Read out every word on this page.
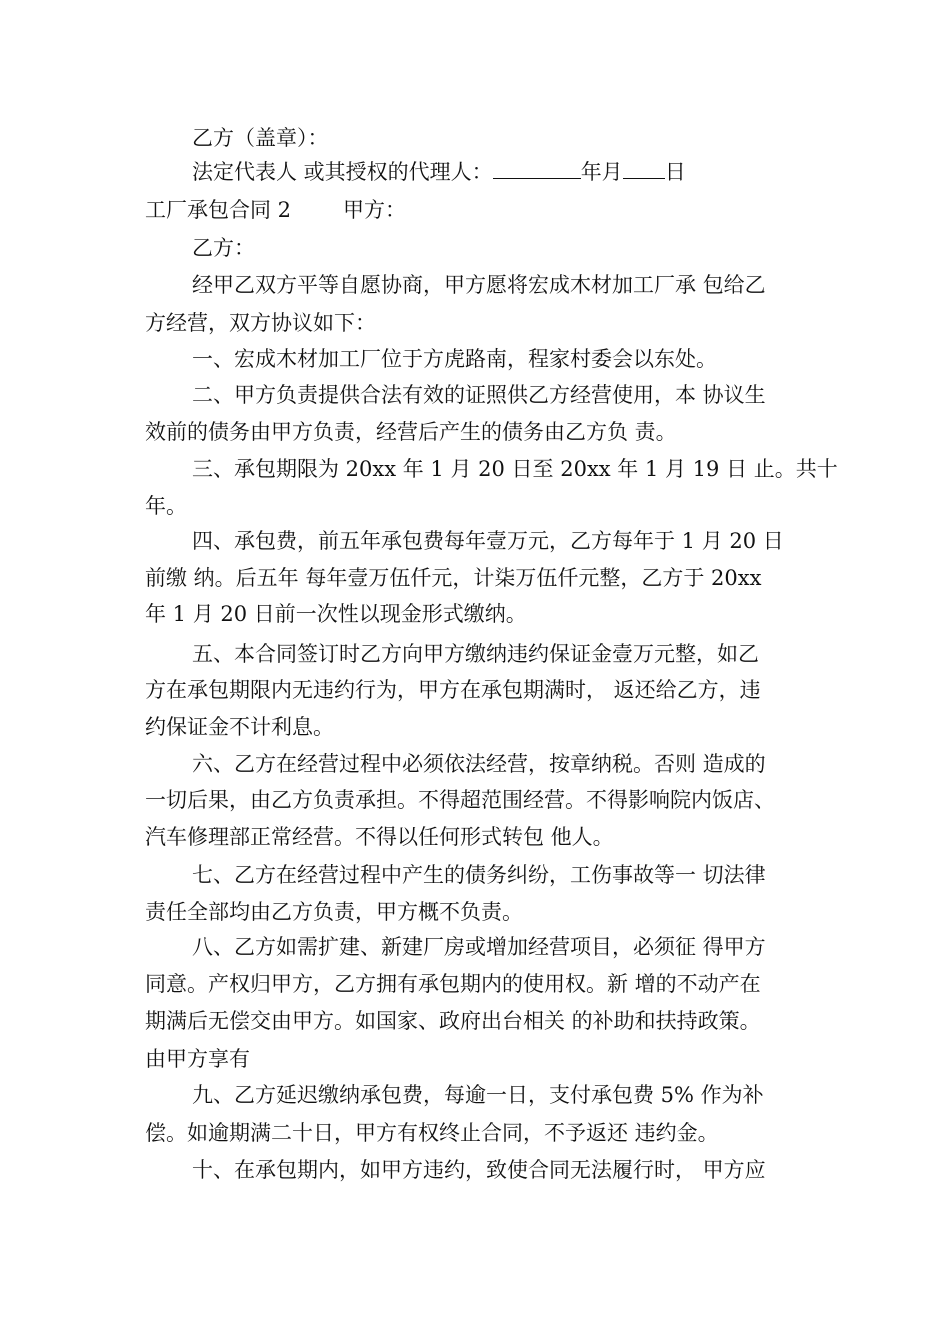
乙方（盖章）：
法定代表人 或其授权的代理人：	年月 日
工厂承包合同 2 甲方：
乙方：
经甲乙双方平等自愿协商，甲方愿将宏成木材加工厂承 包给乙
方经营，双方协议如下：
一、宏成木材加工厂位于方虎路南，程家村委会以东处。
二、甲方负责提供合法有效的证照供乙方经营使用，本 协议生
效前的债务由甲方负责，经营后产生的债务由乙方负 责。
三、承包期限为 20xx 年 1 月 20 日至 20xx 年 1 月 19 日 止。共十
年。
四、承包费，前五年承包费每年壹万元，乙方每年于 1 月 20 日
前缴 纳。后五年 每年壹万伍仟元，计柒万伍仟元整，乙方于 20xx
年 1 月 20 日前一次性以现金形式缴纳。
五、本合同签订时乙方向甲方缴纳违约保证金壹万元整，如乙
方在承包期限内无违约行为，甲方在承包期满时， 返还给乙方，违
约保证金不计利息。
六、乙方在经营过程中必须依法经营，按章纳税。否则 造成的
一切后果，由乙方负责承担。不得超范围经营。不得影响院内饭店、
汽车修理部正常经营。不得以任何形式转包 他人。
七、乙方在经营过程中产生的债务纠纷，工伤事故等一 切法律
责任全部均由乙方负责，甲方概不负责。
八、乙方如需扩建、新建厂房或增加经营项目，必须征 得甲方
同意。产权归甲方，乙方拥有承包期内的使用权。新 增的不动产在
期满后无偿交由甲方。如国家、政府出台相关 的补助和扶持政策。
由甲方享有
九、乙方延迟缴纳承包费，每逾一日，支付承包费 5% 作为补
偿。如逾期满二十日，甲方有权终止合同，不予返还 违约金。
十、在承包期内，如甲方违约，致使合同无法履行时， 甲方应
